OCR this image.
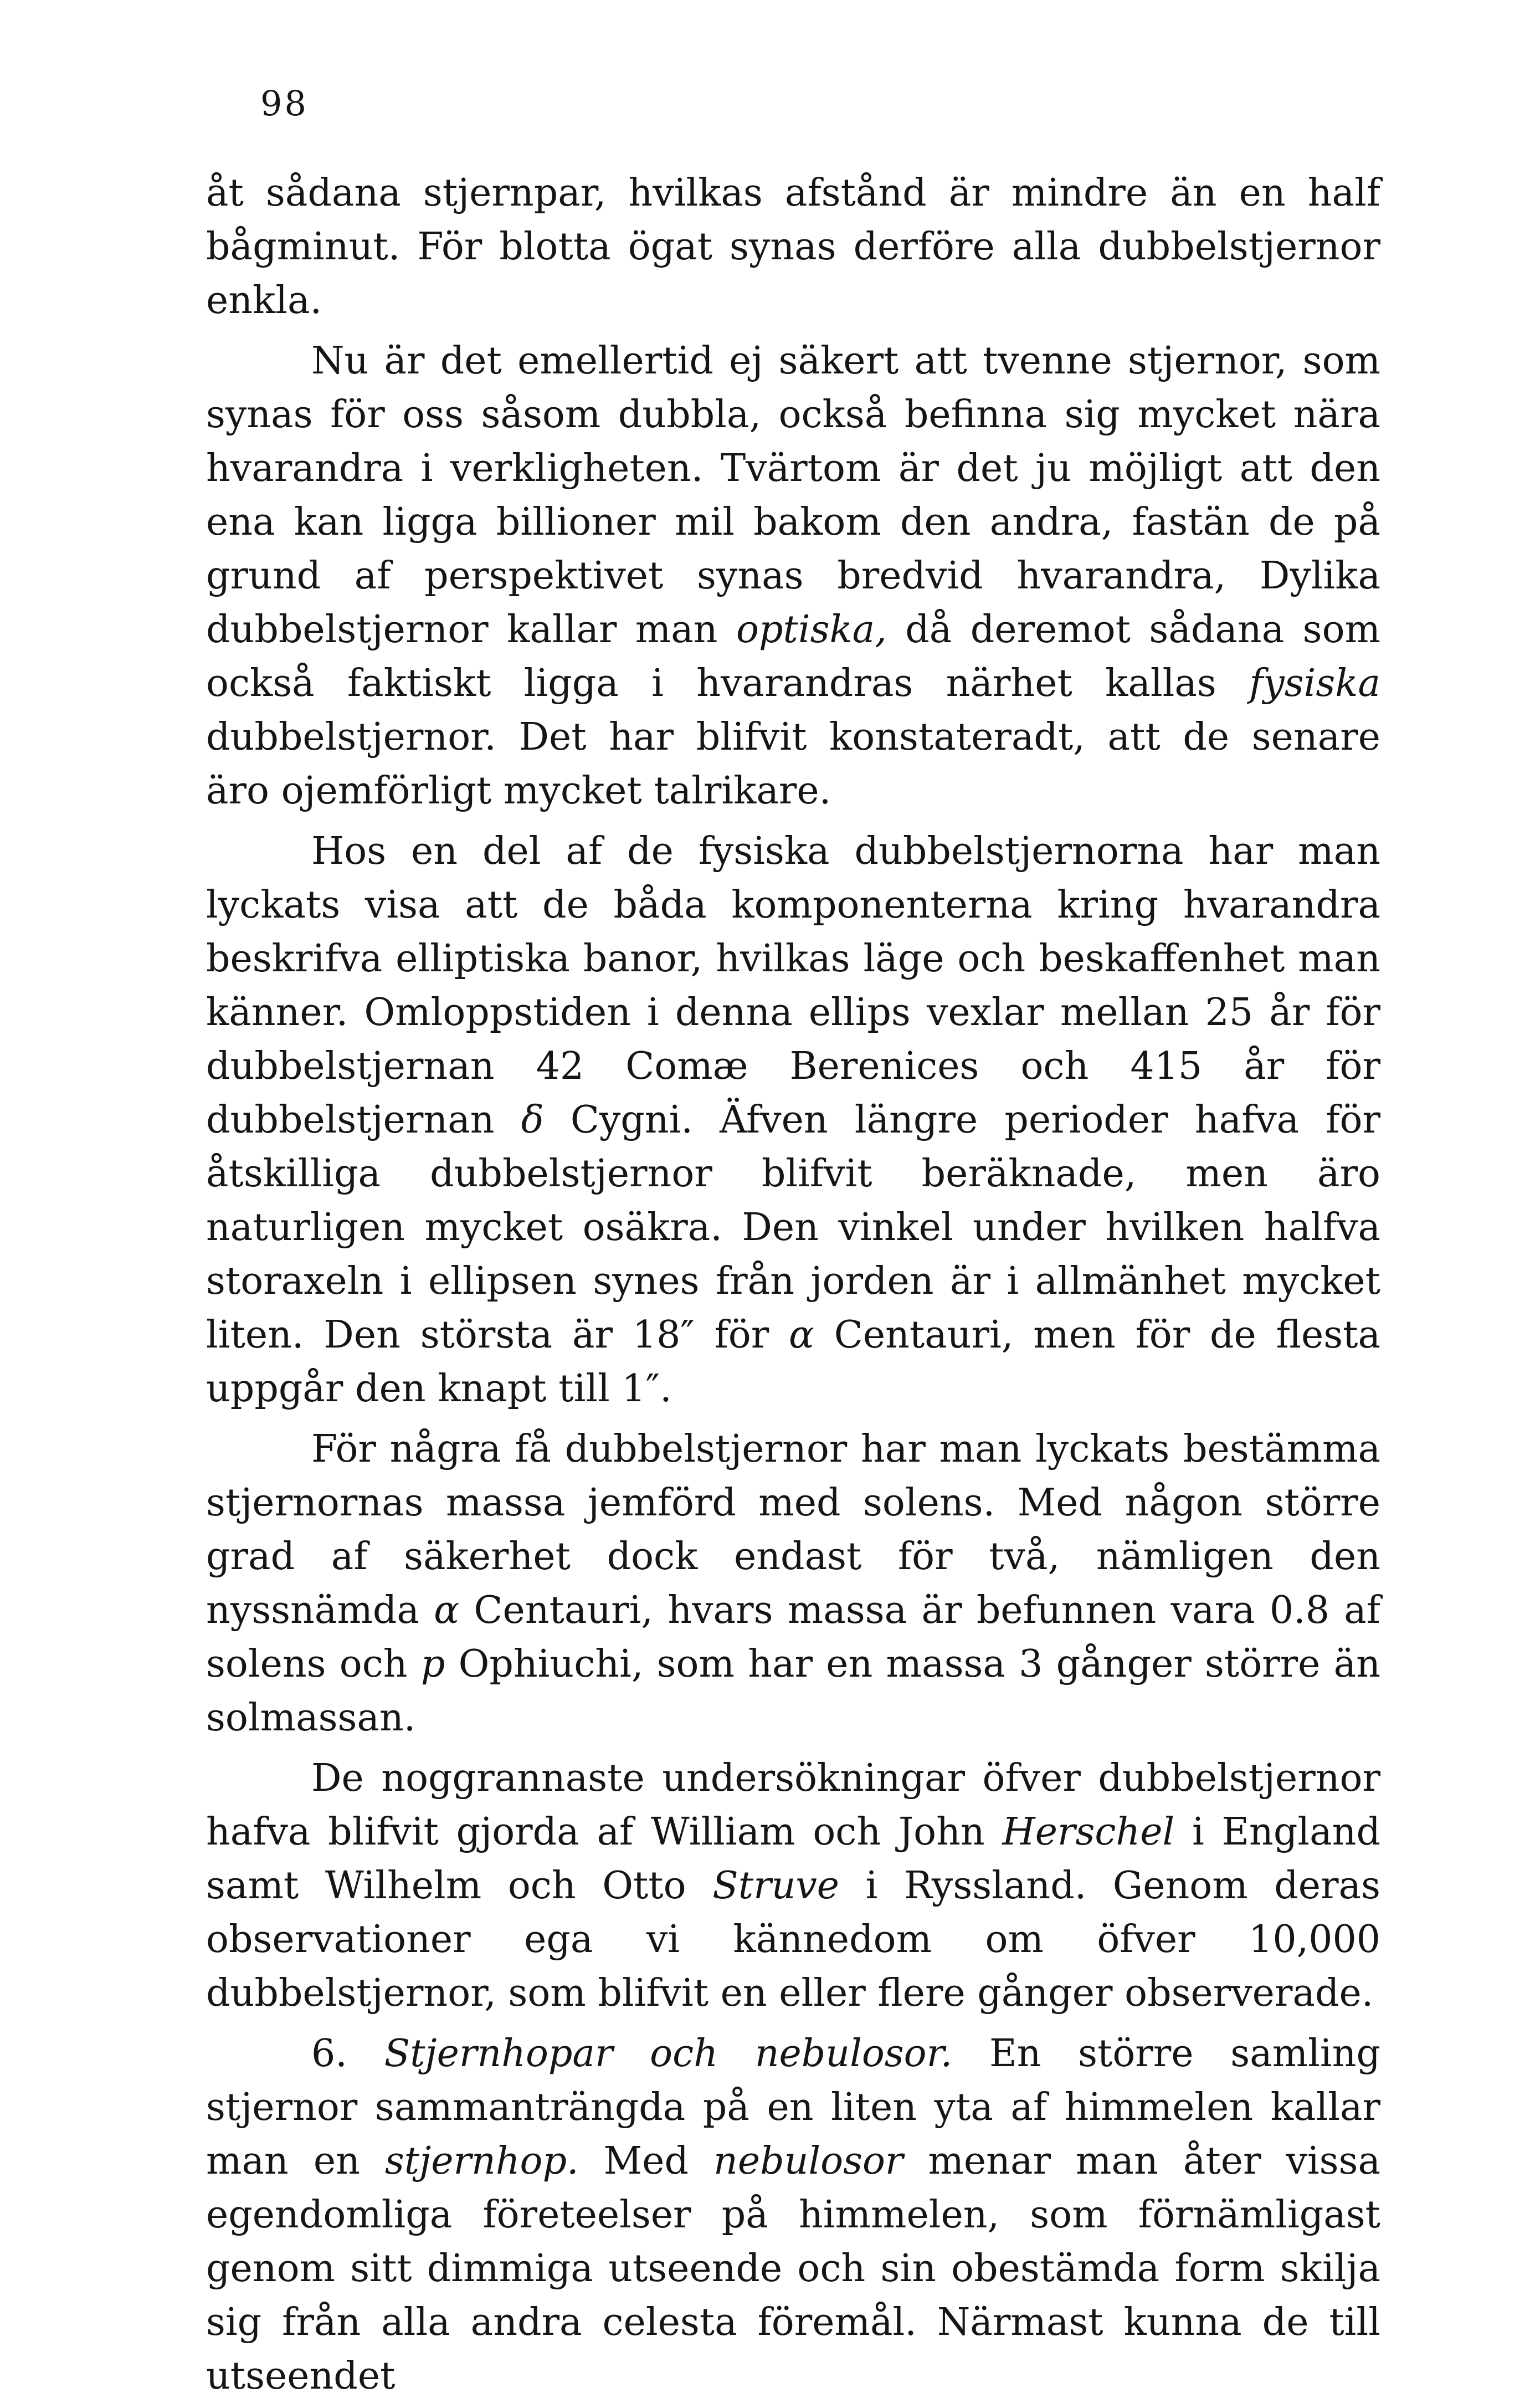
98

åt sådana stjernpar, hvilkas afstånd är mindre än en half bågminut. För blotta ögat synas derföre alla dubbelstjernor enkla.

Nu är det emellertid ej säkert att tvenne stjernor, som synas för oss såsom dubbla, också befinna sig mycket nära hvarandra i verkligheten. Tvärtom är det ju möjligt att den ena kan ligga billioner mil bakom den andra, fastän de på grund af perspektivet synas bredvid hvarandra, Dylika dubbelstjernor kallar man optiska, då deremot sådana som också faktiskt ligga i hvarandras närhet kallas fysiska dubbelstjernor. Det har blifvit konstateradt, att de senare äro ojemförligt mycket talrikare.

Hos en del af de fysiska dubbelstjernorna har man lyckats visa att de båda komponenterna kring hvarandra beskrifva elliptiska banor, hvilkas läge och beskaffenhet man känner. Omloppstiden i denna ellips vexlar mellan 25 år för dubbelstjernan 42 Comæ Berenices och 415 år för dubbelstjernan δ Cygni. Äfven längre perioder hafva för åtskilliga dubbelstjernor blifvit beräknade, men äro naturligen mycket osäkra. Den vinkel under hvilken halfva storaxeln i ellipsen synes från jorden är i allmänhet mycket liten. Den största är 18″ för α Centauri, men för de flesta uppgår den knapt till 1″.

För några få dubbelstjernor har man lyckats bestämma stjernornas massa jemförd med solens. Med någon större grad af säkerhet dock endast för två, nämligen den nyssnämda α Centauri, hvars massa är befunnen vara 0.8 af solens och p Ophiuchi, som har en massa 3 gånger större än solmassan.

De noggrannaste undersökningar öfver dubbelstjernor hafva blifvit gjorda af William och John Herschel i England samt Wilhelm och Otto Struve i Ryssland. Genom deras observationer ega vi kännedom om öfver 10,000 dubbelstjernor, som blifvit en eller flere gånger observerade.

6. Stjernhopar och nebulosor. En större samling stjernor sammanträngda på en liten yta af himmelen kallar man en stjernhop. Med nebulosor menar man åter vissa egendomliga företeelser på himmelen, som förnämligast genom sitt dimmiga utseende och sin obestämda form skilja sig från alla andra celesta föremål. Närmast kunna de till utseendet
